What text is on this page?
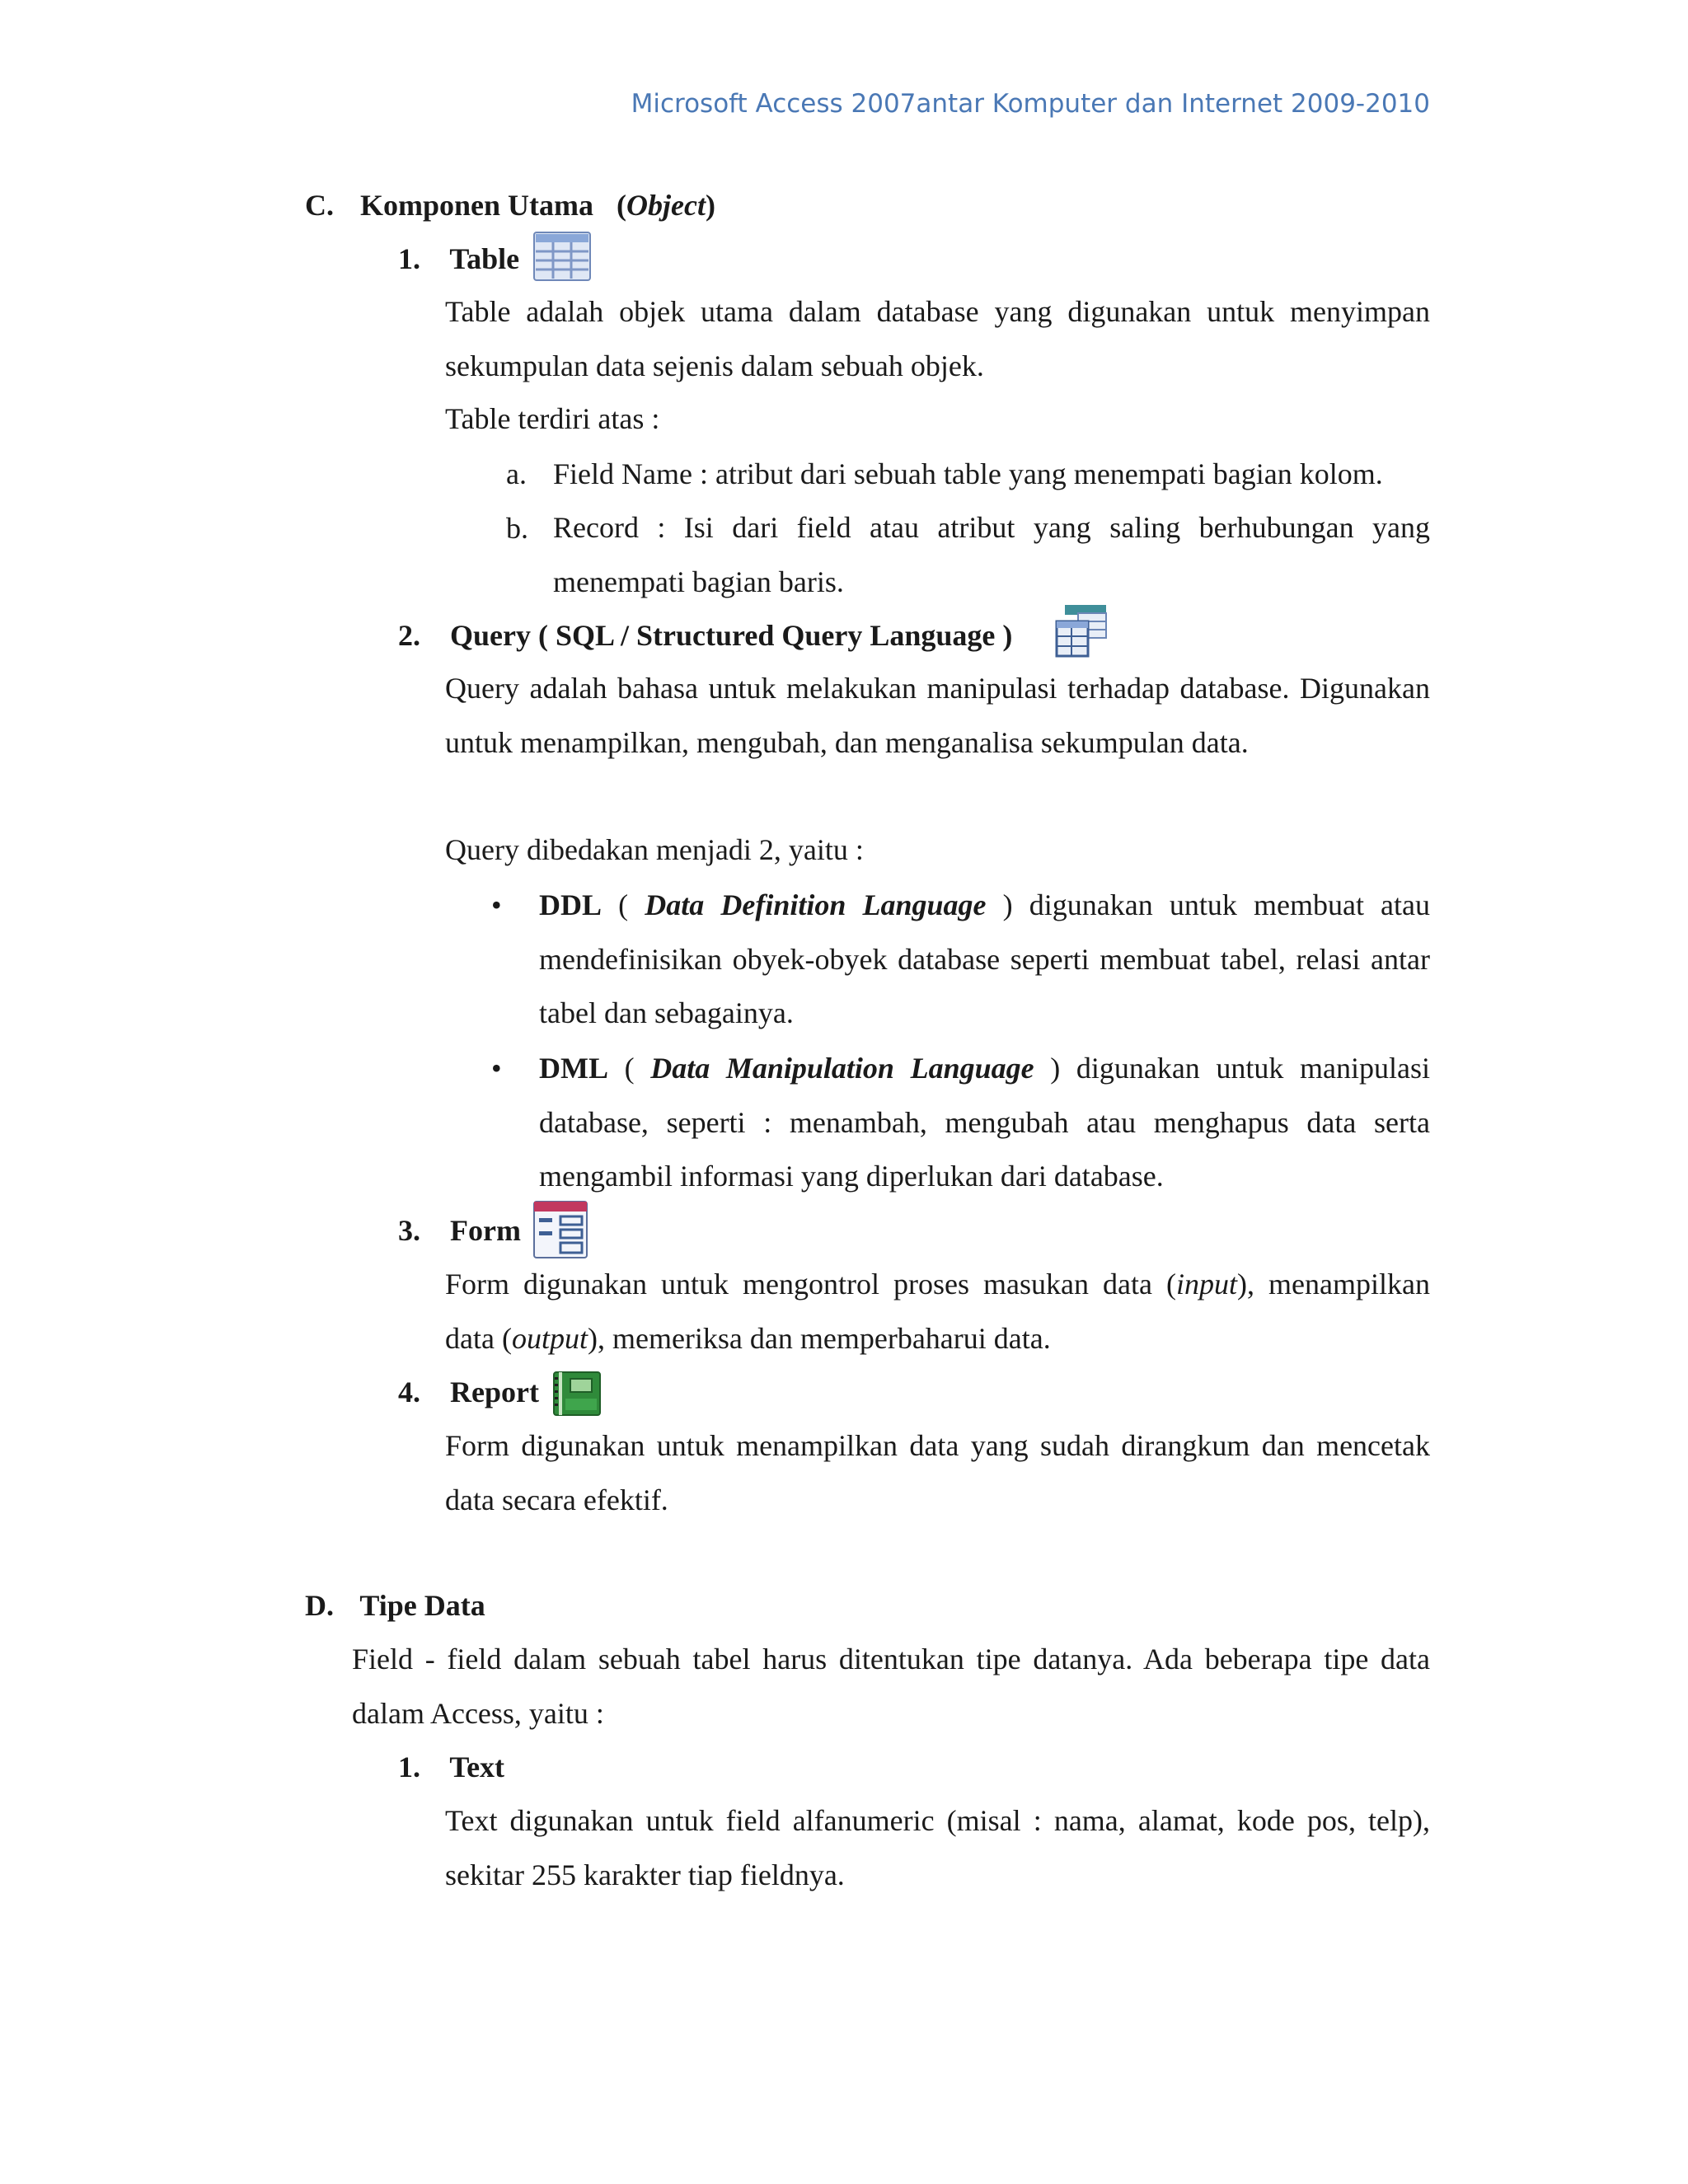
Microsoft Access 2007antar Komputer dan Internet 2009-2010
C. Komponen Utama (Object)
1. Table
Table adalah objek utama dalam database yang digunakan untuk menyimpan sekumpulan data sejenis dalam sebuah objek.
Table terdiri atas :
a. Field Name : atribut dari sebuah table yang menempati bagian kolom.
b. Record : Isi dari field atau atribut yang saling berhubungan yang menempati bagian baris.
2. Query ( SQL / Structured Query Language )
Query adalah bahasa untuk melakukan manipulasi terhadap database. Digunakan untuk menampilkan, mengubah, dan menganalisa sekumpulan data.
Query dibedakan menjadi 2, yaitu :
• DDL ( Data Definition Language ) digunakan untuk membuat atau mendefinisikan obyek-obyek database seperti membuat tabel, relasi antar tabel dan sebagainya.
• DML ( Data Manipulation Language ) digunakan untuk manipulasi database, seperti : menambah, mengubah atau menghapus data serta mengambil informasi yang diperlukan dari database.
3. Form
Form digunakan untuk mengontrol proses masukan data (input), menampilkan data (output), memeriksa dan memperbaharui data.
4. Report
Form digunakan untuk menampilkan data yang sudah dirangkum dan mencetak data secara efektif.
D. Tipe Data
Field - field dalam sebuah tabel harus ditentukan tipe datanya. Ada beberapa tipe data dalam Access, yaitu :
1. Text
Text digunakan untuk field alfanumeric (misal : nama, alamat, kode pos, telp), sekitar 255 karakter tiap fieldnya.
